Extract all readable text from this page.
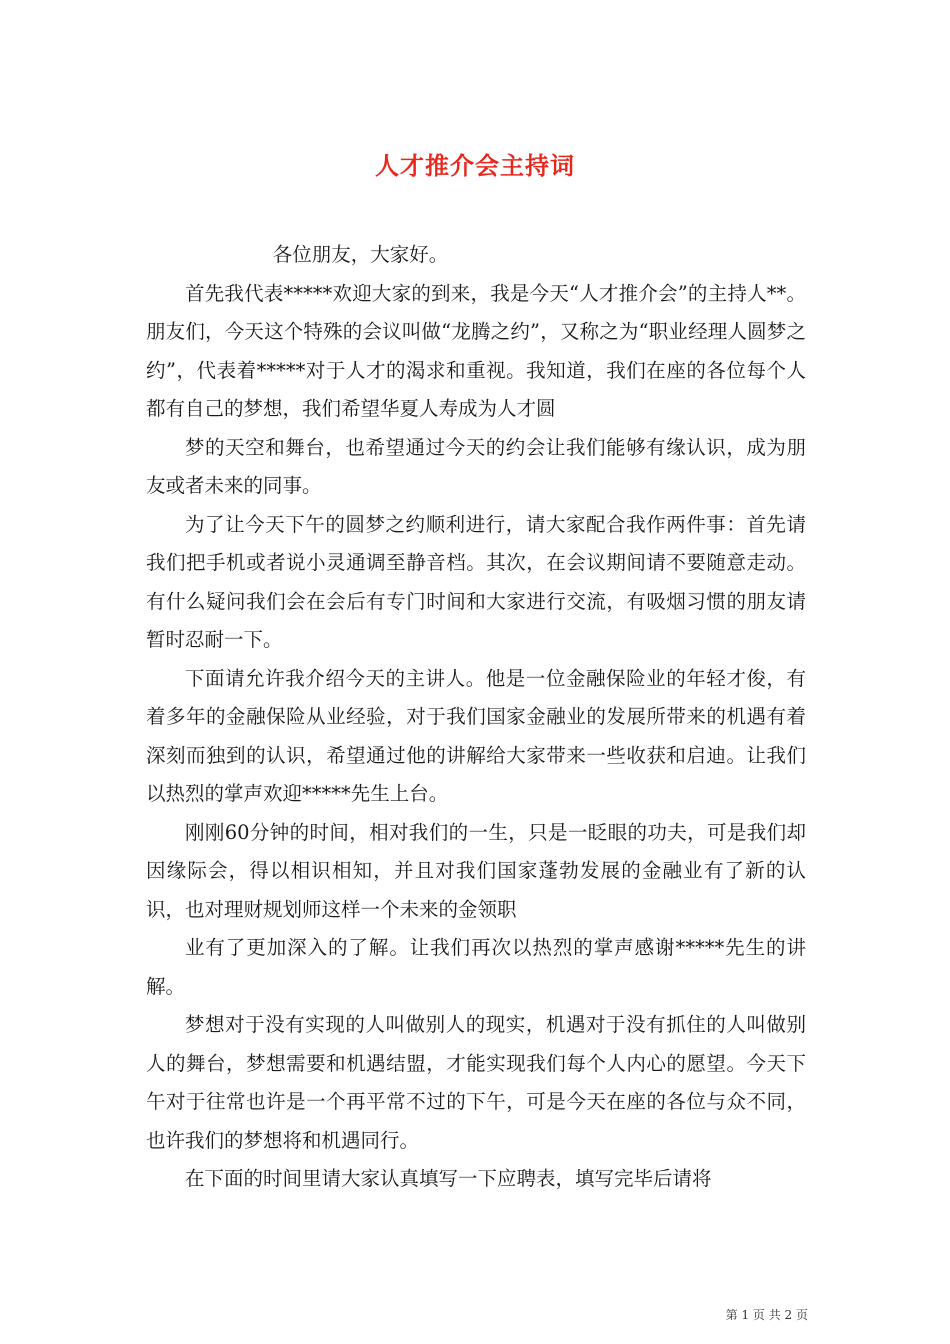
人才推介会主持词

各位朋友，大家好。

首先我代表*****欢迎大家的到来，我是今天“人才推介会”的主持人**。朋友们，今天这个特殊的会议叫做“龙腾之约”，又称之为“职业经理人圆梦之约”，代表着*****对于人才的渴求和重视。我知道，我们在座的各位每个人都有自己的梦想，我们希望华夏人寿成为人才圆

梦的天空和舞台，也希望通过今天的约会让我们能够有缘认识，成为朋友或者未来的同事。

为了让今天下午的圆梦之约顺利进行，请大家配合我作两件事：首先请我们把手机或者说小灵通调至静音档。其次，在会议期间请不要随意走动。有什么疑问我们会在会后有专门时间和大家进行交流，有吸烟习惯的朋友请暂时忍耐一下。

下面请允许我介绍今天的主讲人。他是一位金融保险业的年轻才俊，有着多年的金融保险从业经验，对于我们国家金融业的发展所带来的机遇有着深刻而独到的认识，希望通过他的讲解给大家带来一些收获和启迪。让我们以热烈的掌声欢迎*****先生上台。

刚刚60分钟的时间，相对我们的一生，只是一眨眼的功夫，可是我们却因缘际会，得以相识相知，并且对我们国家蓬勃发展的金融业有了新的认识，也对理财规划师这样一个未来的金领职

业有了更加深入的了解。让我们再次以热烈的掌声感谢*****先生的讲解。

梦想对于没有实现的人叫做别人的现实，机遇对于没有抓住的人叫做别人的舞台，梦想需要和机遇结盟，才能实现我们每个人内心的愿望。今天下午对于往常也许是一个再平常不过的下午，可是今天在座的各位与众不同，也许我们的梦想将和机遇同行。

在下面的时间里请大家认真填写一下应聘表，填写完毕后请将

第 1 页 共 2 页
